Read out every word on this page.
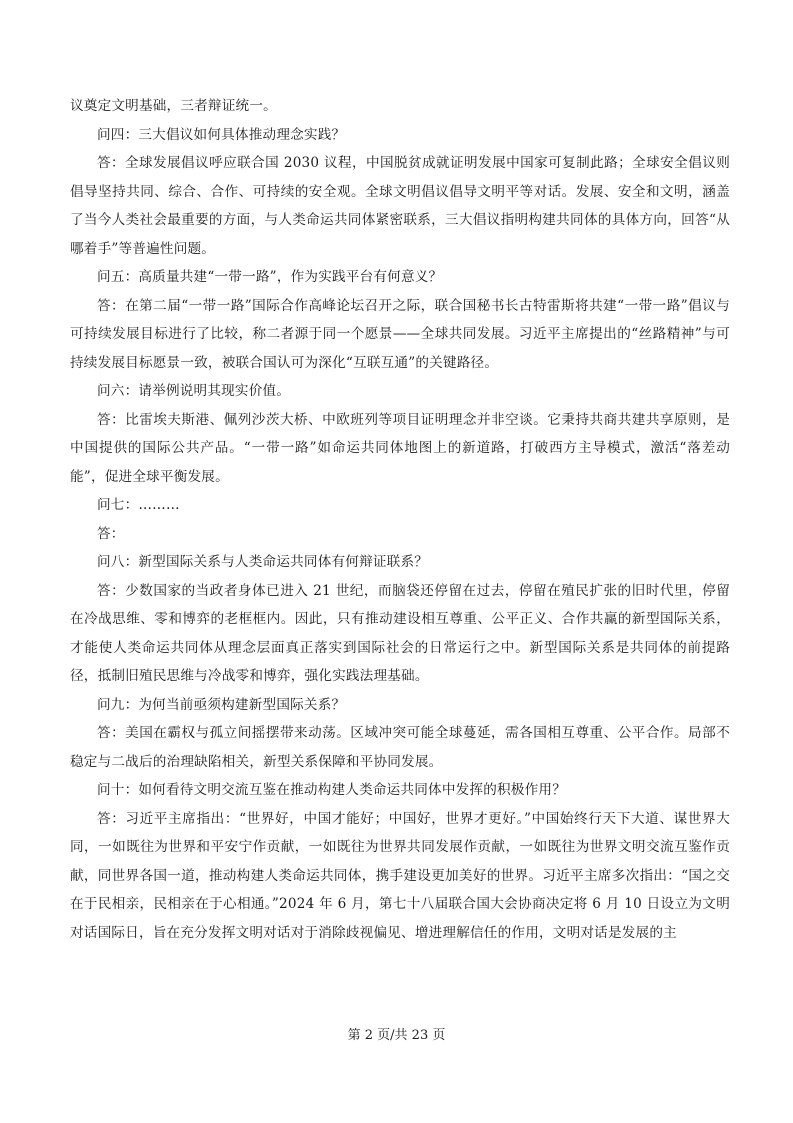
议奠定文明基础，三者辩证统一。

问四：三大倡议如何具体推动理念实践？

答：全球发展倡议呼应联合国 2030 议程，中国脱贫成就证明发展中国家可复制此路；全球安全倡议则倡导坚持共同、综合、合作、可持续的安全观。全球文明倡议倡导文明平等对话。发展、安全和文明，涵盖了当今人类社会最重要的方面，与人类命运共同体紧密联系，三大倡议指明构建共同体的具体方向，回答“从哪着手”等普遍性问题。

问五：高质量共建“一带一路”，作为实践平台有何意义？

答：在第二届“一带一路”国际合作高峰论坛召开之际，联合国秘书长古特雷斯将共建“一带一路”倡议与可持续发展目标进行了比较，称二者源于同一个愿景——全球共同发展。习近平主席提出的“丝路精神”与可持续发展目标愿景一致，被联合国认可为深化“互联互通”的关键路径。

问六：请举例说明其现实价值。

答：比雷埃夫斯港、佩列沙茨大桥、中欧班列等项目证明理念并非空谈。它秉持共商共建共享原则，是中国提供的国际公共产品。“一带一路”如命运共同体地图上的新道路，打破西方主导模式，激活“落差动能”，促进全球平衡发展。

问七：………

答：

问八：新型国际关系与人类命运共同体有何辩证联系？

答：少数国家的当政者身体已进入 21 世纪，而脑袋还停留在过去，停留在殖民扩张的旧时代里，停留在冷战思维、零和博弈的老框框内。因此，只有推动建设相互尊重、公平正义、合作共赢的新型国际关系，才能使人类命运共同体从理念层面真正落实到国际社会的日常运行之中。新型国际关系是共同体的前提路径，抵制旧殖民思维与冷战零和博弈，强化实践法理基础。

问九：为何当前亟须构建新型国际关系？

答：美国在霸权与孤立间摇摆带来动荡。区域冲突可能全球蔓延，需各国相互尊重、公平合作。局部不稳定与二战后的治理缺陷相关，新型关系保障和平协同发展。

问十：如何看待文明交流互鉴在推动构建人类命运共同体中发挥的积极作用？

答：习近平主席指出：“世界好，中国才能好；中国好，世界才更好。”中国始终行天下大道、谋世界大同，一如既往为世界和平安宁作贡献，一如既往为世界共同发展作贡献，一如既往为世界文明交流互鉴作贡献，同世界各国一道，推动构建人类命运共同体，携手建设更加美好的世界。习近平主席多次指出：“国之交在于民相亲，民相亲在于心相通。”2024 年 6 月，第七十八届联合国大会协商决定将 6 月 10 日设立为文明对话国际日，旨在充分发挥文明对话对于消除歧视偏见、增进理解信任的作用，文明对话是发展的主

第 2 页/共 23 页
